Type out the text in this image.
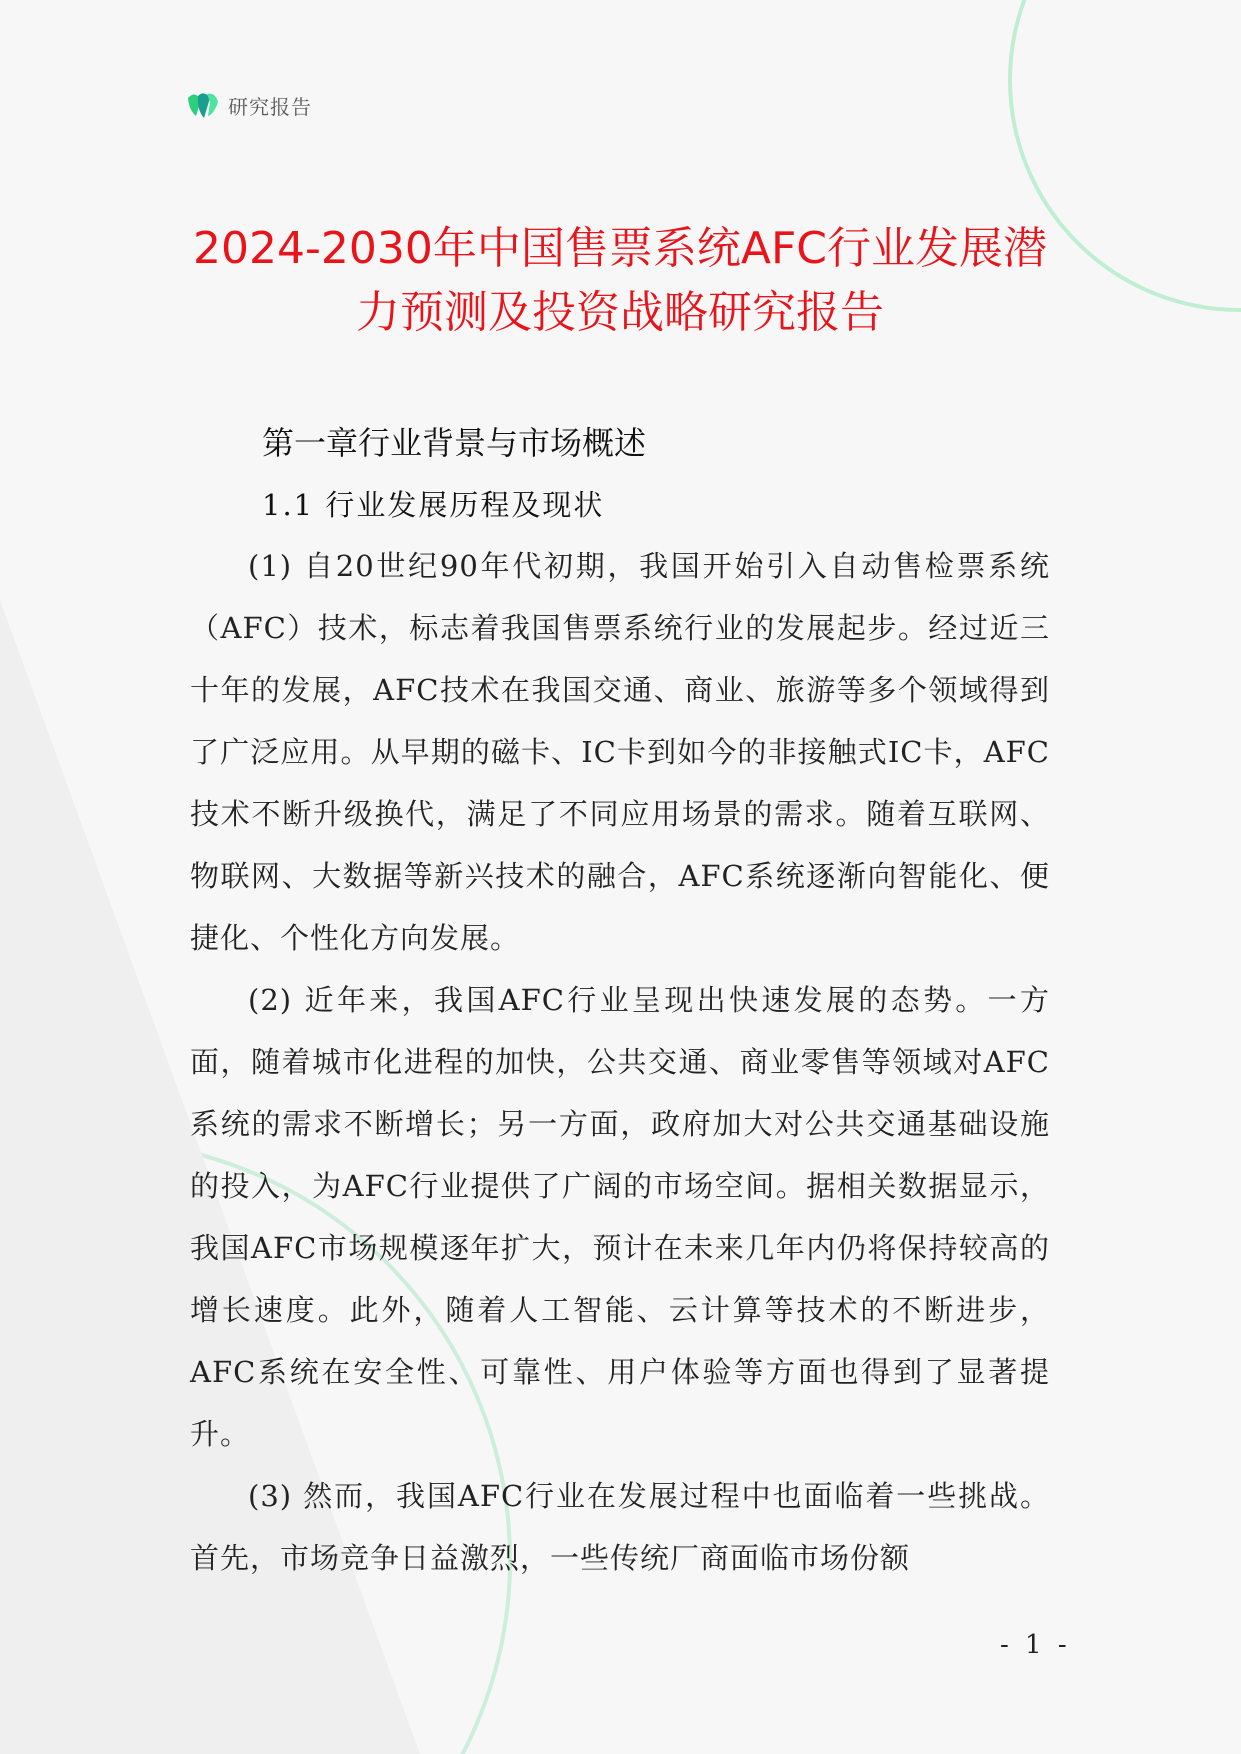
研究报告
2024-2030年中国售票系统AFC行业发展潜
力预测及投资战略研究报告
第一章行业背景与市场概述
1.1 行业发展历程及现状

(1) 自20世纪90年代初期，我国开始引入自动售检票系统（AFC）技术，标志着我国售票系统行业的发展起步。经过近三十年的发展，AFC技术在我国交通、商业、旅游等多个领域得到了广泛应用。从早期的磁卡、IC卡到如今的非接触式IC卡，AFC技术不断升级换代，满足了不同应用场景的需求。随着互联网、物联网、大数据等新兴技术的融合，AFC系统逐渐向智能化、便捷化、个性化方向发展。

(2) 近年来，我国AFC行业呈现出快速发展的态势。一方面，随着城市化进程的加快，公共交通、商业零售等领域对AFC系统的需求不断增长；另一方面，政府加大对公共交通基础设施的投入，为AFC行业提供了广阔的市场空间。据相关数据显示，我国AFC市场规模逐年扩大，预计在未来几年内仍将保持较高的增长速度。此外，随着人工智能、云计算等技术的不断进步，AFC系统在安全性、可靠性、用户体验等方面也得到了显著提升。

(3) 然而，我国AFC行业在发展过程中也面临着一些挑战。首先，市场竞争日益激烈，一些传统厂商面临市场份额

- 1 -
